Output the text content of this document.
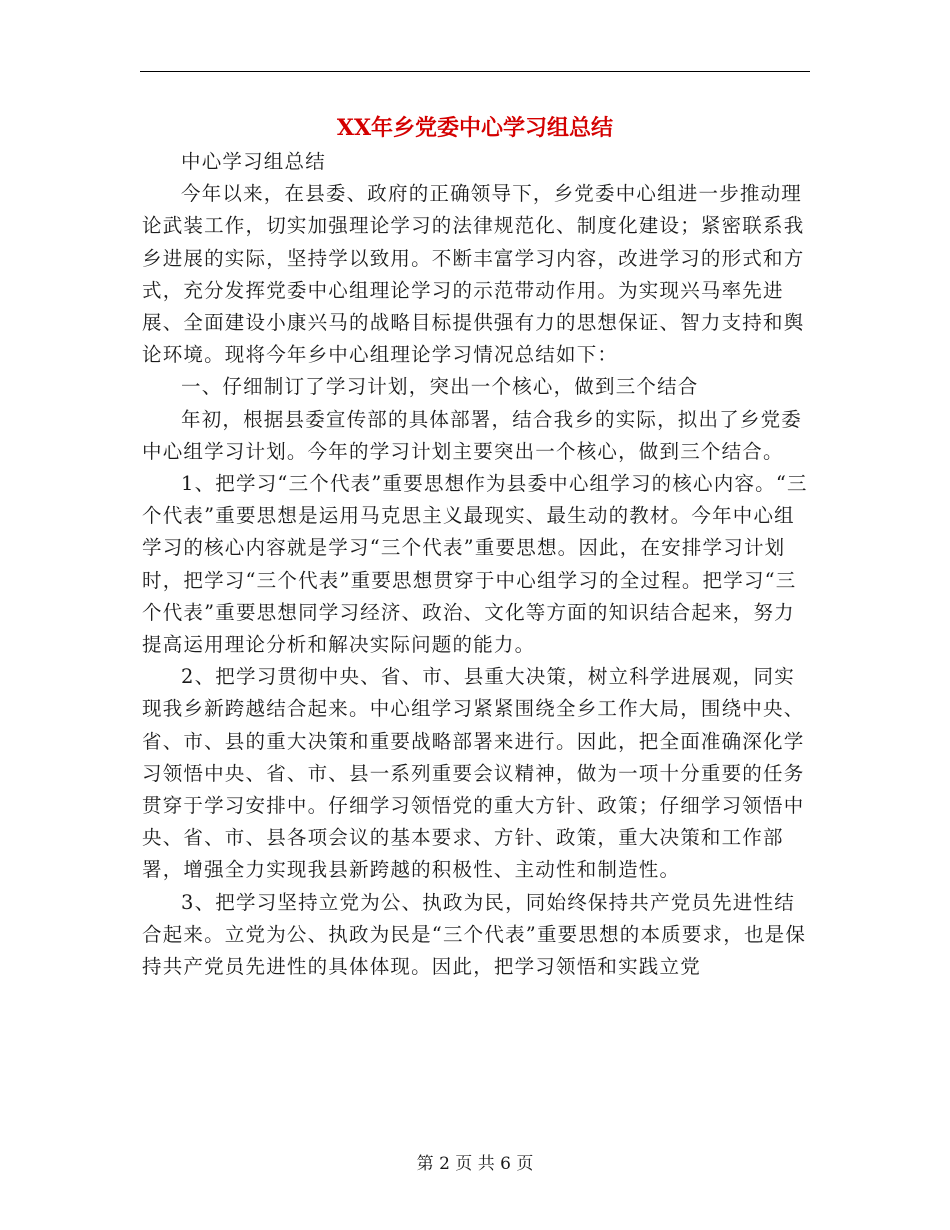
XX年乡党委中心学习组总结

中心学习组总结

今年以来，在县委、政府的正确领导下，乡党委中心组进一步推动理论武装工作，切实加强理论学习的法律规范化、制度化建设；紧密联系我乡进展的实际，坚持学以致用。不断丰富学习内容，改进学习的形式和方式，充分发挥党委中心组理论学习的示范带动作用。为实现兴马率先进展、全面建设小康兴马的战略目标提供强有力的思想保证、智力支持和舆论环境。现将今年乡中心组理论学习情况总结如下：

一、仔细制订了学习计划，突出一个核心，做到三个结合

年初，根据县委宣传部的具体部署，结合我乡的实际，拟出了乡党委中心组学习计划。今年的学习计划主要突出一个核心，做到三个结合。

1、把学习“三个代表”重要思想作为县委中心组学习的核心内容。“三个代表”重要思想是运用马克思主义最现实、最生动的教材。今年中心组学习的核心内容就是学习“三个代表”重要思想。因此，在安排学习计划时，把学习“三个代表”重要思想贯穿于中心组学习的全过程。把学习“三个代表”重要思想同学习经济、政治、文化等方面的知识结合起来，努力提高运用理论分析和解决实际问题的能力。

2、把学习贯彻中央、省、市、县重大决策，树立科学进展观，同实现我乡新跨越结合起来。中心组学习紧紧围绕全乡工作大局，围绕中央、省、市、县的重大决策和重要战略部署来进行。因此，把全面准确深化学习领悟中央、省、市、县一系列重要会议精神，做为一项十分重要的任务贯穿于学习安排中。仔细学习领悟党的重大方针、政策；仔细学习领悟中央、省、市、县各项会议的基本要求、方针、政策，重大决策和工作部署，增强全力实现我县新跨越的积极性、主动性和制造性。

3、把学习坚持立党为公、执政为民，同始终保持共产党员先进性结合起来。立党为公、执政为民是“三个代表”重要思想的本质要求，也是保持共产党员先进性的具体体现。因此，把学习领悟和实践立党

第 2 页 共 6 页
